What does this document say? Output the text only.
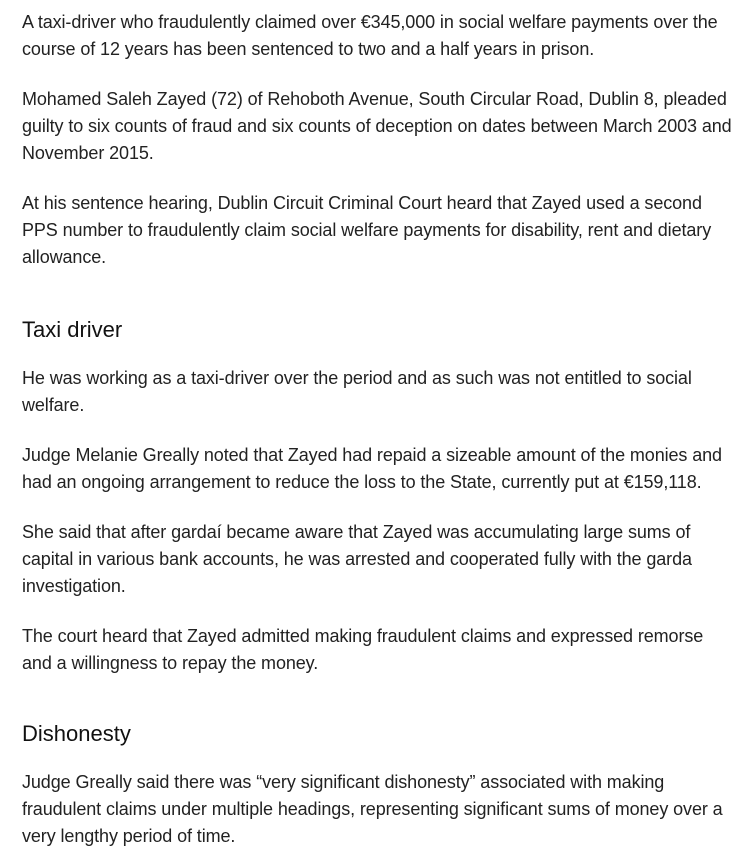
A taxi-driver who fraudulently claimed over €345,000 in social welfare payments over the course of 12 years has been sentenced to two and a half years in prison.

Mohamed Saleh Zayed (72) of Rehoboth Avenue, South Circular Road, Dublin 8, pleaded guilty to six counts of fraud and six counts of deception on dates between March 2003 and November 2015.

At his sentence hearing, Dublin Circuit Criminal Court heard that Zayed used a second PPS number to fraudulently claim social welfare payments for disability, rent and dietary allowance.

Taxi driver

He was working as a taxi-driver over the period and as such was not entitled to social welfare.

Judge Melanie Greally noted that Zayed had repaid a sizeable amount of the monies and had an ongoing arrangement to reduce the loss to the State, currently put at €159,118.

She said that after gardaí became aware that Zayed was accumulating large sums of capital in various bank accounts, he was arrested and cooperated fully with the garda investigation.

The court heard that Zayed admitted making fraudulent claims and expressed remorse and a willingness to repay the money.

Dishonesty

Judge Greally said there was “very significant dishonesty” associated with making fraudulent claims under multiple headings, representing significant sums of money over a very lengthy period of time.
